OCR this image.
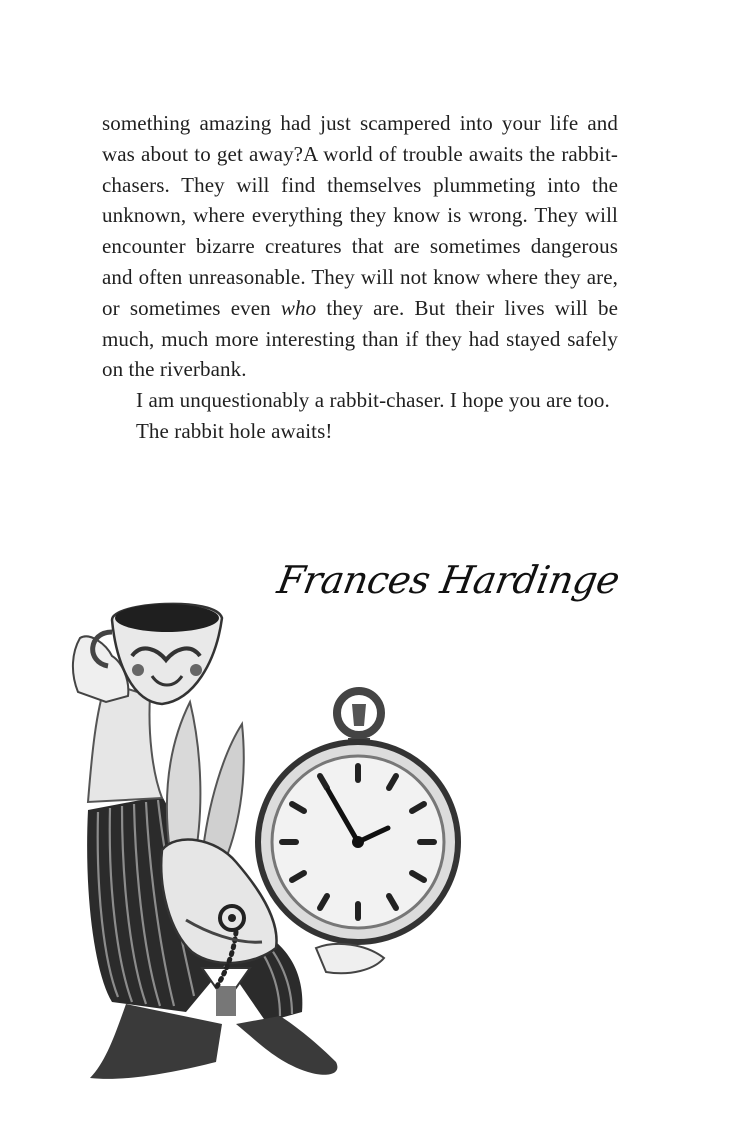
something amazing had just scampered into your life and was about to get away?A world of trouble awaits the rabbit-chasers. They will find themselves plummeting into the unknown, where everything they know is wrong. They will encounter bizarre creatures that are sometimes dangerous and often unreasonable. They will not know where they are, or sometimes even who they are. But their lives will be much, much more interesting than if they had stayed safely on the riverbank.

I am unquestionably a rabbit-chaser. I hope you are too.

The rabbit hole awaits!

Frances Hardinge
